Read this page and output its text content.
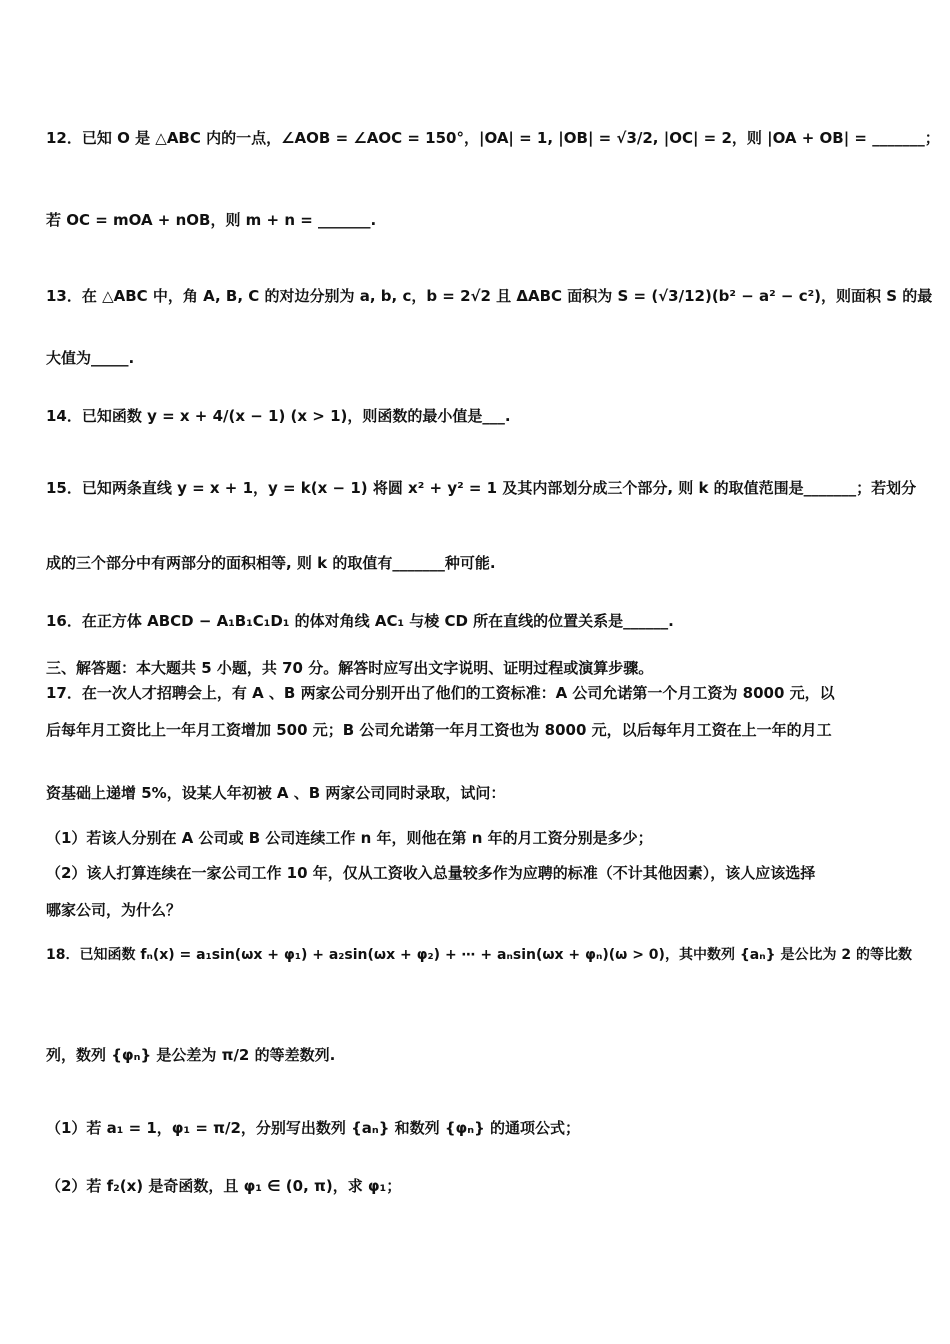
12．已知 O 是 △ABC 内的一点，∠AOB = ∠AOC = 150°，|OA| = 1, |OB| = √3/2, |OC| = 2，则 |OA + OB| = _______；
若 OC = mOA + nOB，则 m + n = _______.
13．在 △ABC 中，角 A, B, C 的对边分别为 a, b, c，b = 2√2 且 ΔABC 面积为 S = (√3/12)(b² − a² − c²)，则面积 S 的最
大值为_____.
14．已知函数 y = x + 4/(x − 1) (x > 1)，则函数的最小值是___.
15．已知两条直线 y = x + 1，y = k(x − 1) 将圆 x² + y² = 1 及其内部划分成三个部分, 则 k 的取值范围是_______；若划分
成的三个部分中有两部分的面积相等, 则 k 的取值有_______种可能.
16．在正方体 ABCD − A₁B₁C₁D₁ 的体对角线 AC₁ 与棱 CD 所在直线的位置关系是______.
三、解答题：本大题共 5 小题，共 70 分。解答时应写出文字说明、证明过程或演算步骤。
17．在一次人才招聘会上，有 A 、B 两家公司分别开出了他们的工资标准：A 公司允诺第一个月工资为 8000 元，以
后每年月工资比上一年月工资增加 500 元；B 公司允诺第一年月工资也为 8000 元，以后每年月工资在上一年的月工
资基础上递增 5%，设某人年初被 A 、B 两家公司同时录取，试问：
（1）若该人分别在 A 公司或 B 公司连续工作 n 年，则他在第 n 年的月工资分别是多少；
（2）该人打算连续在一家公司工作 10 年，仅从工资收入总量较多作为应聘的标准（不计其他因素），该人应该选择
哪家公司，为什么？
18．已知函数 fₙ(x) = a₁sin(ωx + φ₁) + a₂sin(ωx + φ₂) + ⋯ + aₙsin(ωx + φₙ)(ω > 0)，其中数列 {aₙ} 是公比为 2 的等比数
列，数列 {φₙ} 是公差为 π/2 的等差数列.
（1）若 a₁ = 1，φ₁ = π/2，分别写出数列 {aₙ} 和数列 {φₙ} 的通项公式；
（2）若 f₂(x) 是奇函数，且 φ₁ ∈ (0, π)，求 φ₁；
